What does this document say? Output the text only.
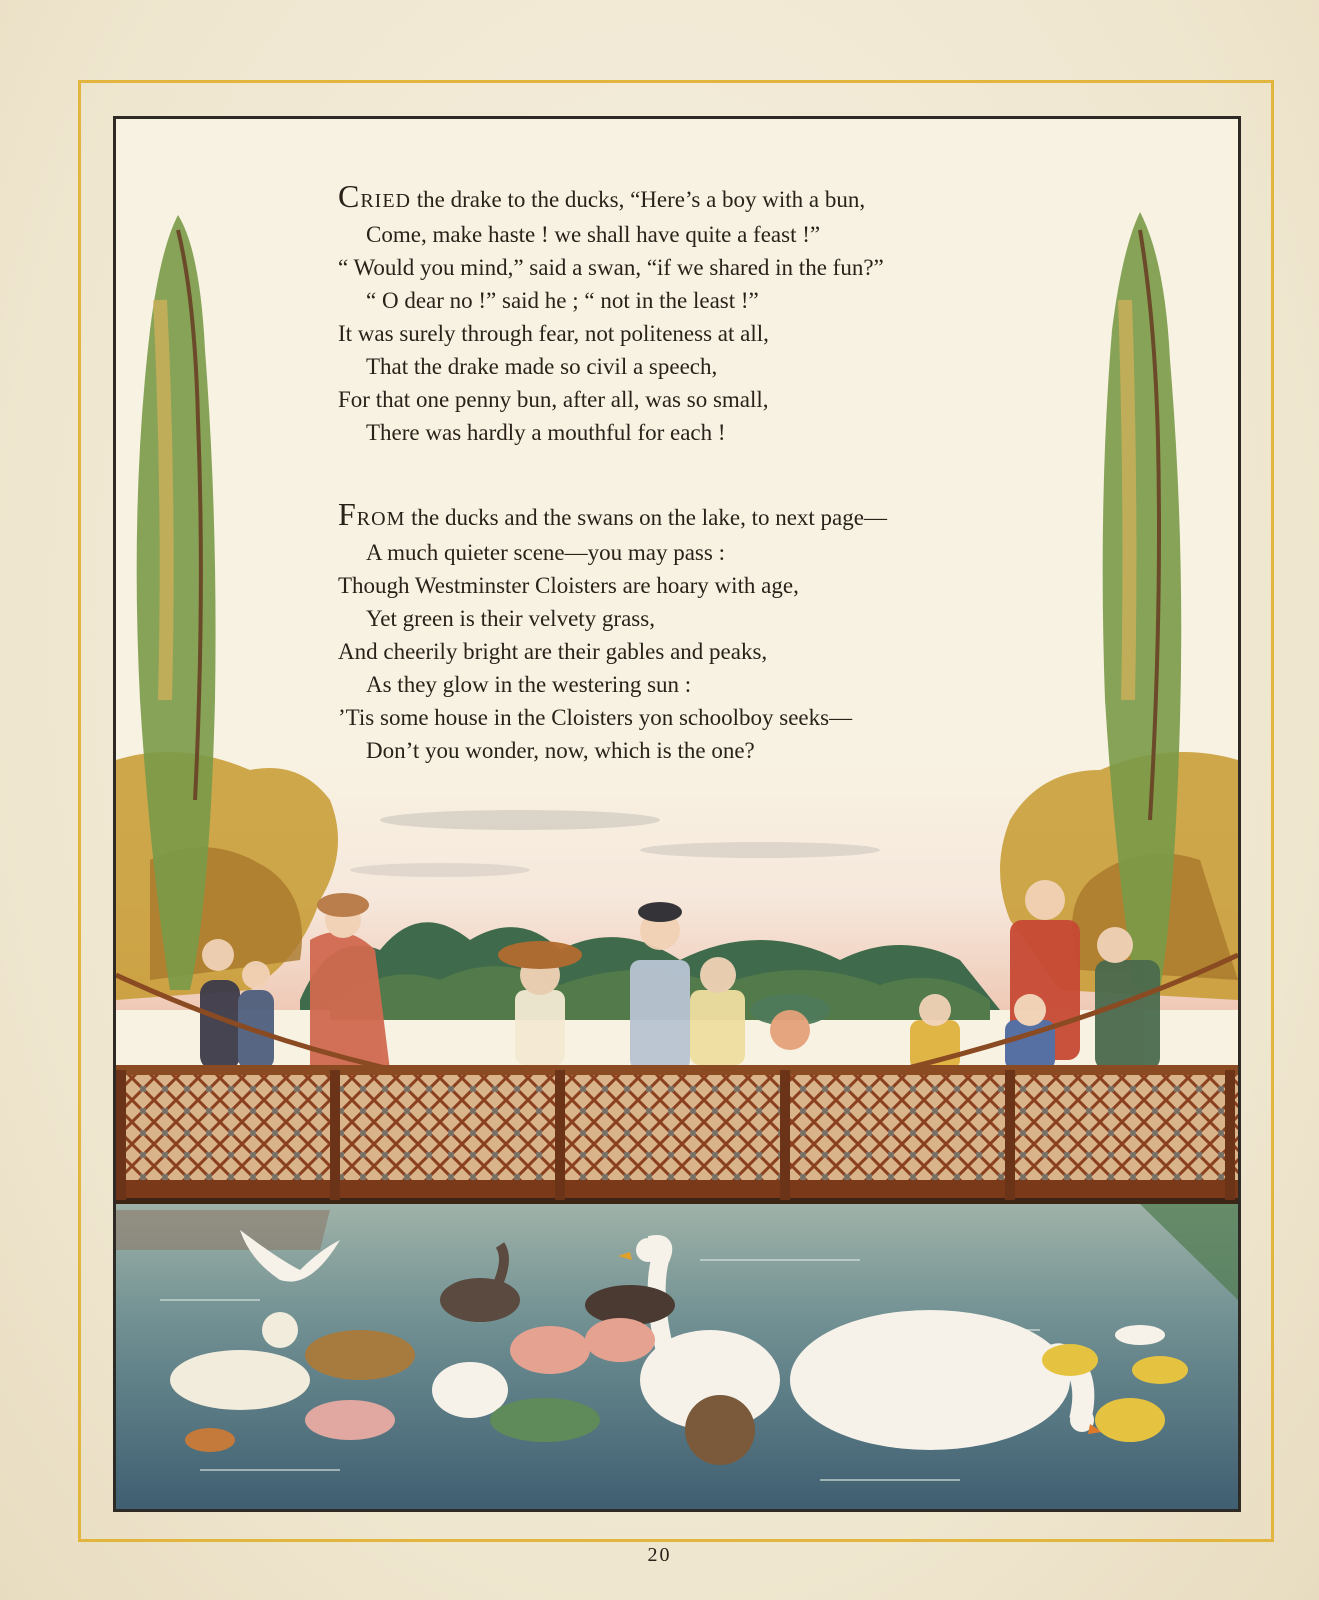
CRIED the drake to the ducks, “Here’s a boy with a bun,
Come, make haste ! we shall have quite a feast !”
“ Would you mind,” said a swan, “if we shared in the fun?”
“ O dear no !” said he ; “ not in the least !”
It was surely through fear, not politeness at all,
That the drake made so civil a speech,
For that one penny bun, after all, was so small,
There was hardly a mouthful for each !
FROM the ducks and the swans on the lake, to next page—
A much quieter scene—you may pass :
Though Westminster Cloisters are hoary with age,
Yet green is their velvety grass,
And cheerily bright are their gables and peaks,
As they glow in the westering sun :
’Tis some house in the Cloisters yon schoolboy seeks—
Don’t you wonder, now, which is the one?
20
